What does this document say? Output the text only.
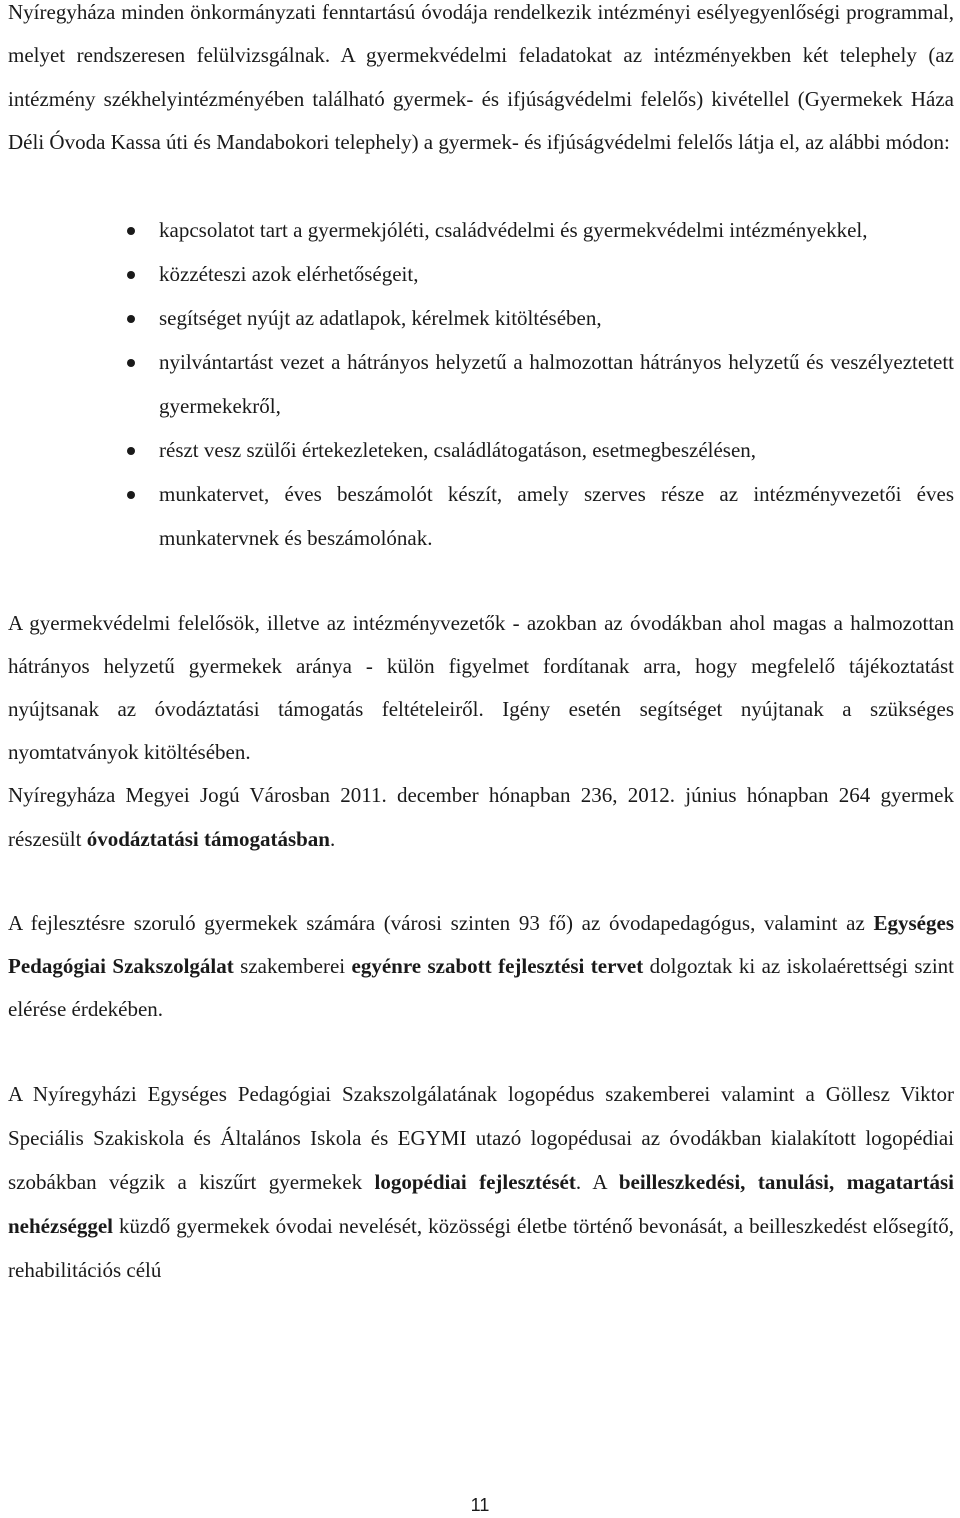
Nyíregyháza minden önkormányzati fenntartású óvodája rendelkezik intézményi esélyegyenlőségi programmal, melyet rendszeresen felülvizsgálnak. A gyermekvédelmi feladatokat az intézményekben két telephely (az intézmény székhelyintézményében található gyermek- és ifjúságvédelmi felelős) kivétellel (Gyermekek Háza Déli Óvoda Kassa úti és Mandabokori telephely) a gyermek- és ifjúságvédelmi felelős látja el, az alábbi módon:

kapcsolatot tart a gyermekjóléti, családvédelmi és gyermekvédelmi intézményekkel,
közzéteszi azok elérhetőségeit,
segítséget nyújt az adatlapok, kérelmek kitöltésében,
nyilvántartást vezet a hátrányos helyzetű a halmozottan hátrányos helyzetű és veszélyeztetett gyermekekről,
részt vesz szülői értekezleteken, családlátogatáson, esetmegbeszélésen,
munkatervet, éves beszámolót készít, amely szerves része az intézményvezetői éves munkatervnek és beszámolónak.

A gyermekvédelmi felelősök, illetve az intézményvezetők - azokban az óvodákban ahol magas a halmozottan hátrányos helyzetű gyermekek aránya - külön figyelmet fordítanak arra, hogy megfelelő tájékoztatást nyújtsanak az óvodáztatási támogatás feltételeiről. Igény esetén segítséget nyújtanak a szükséges nyomtatványok kitöltésében.

Nyíregyháza Megyei Jogú Városban 2011. december hónapban 236, 2012. június hónapban 264 gyermek részesült óvodáztatási támogatásban.

A fejlesztésre szoruló gyermekek számára (városi szinten 93 fő) az óvodapedagógus, valamint az Egységes Pedagógiai Szakszolgálat szakemberei egyénre szabott fejlesztési tervet dolgoztak ki az iskolaérettségi szint elérése érdekében.

A Nyíregyházi Egységes Pedagógiai Szakszolgálatának logopédus szakemberei valamint a Göllesz Viktor Speciális Szakiskola és Általános Iskola és EGYMI utazó logopédusai az óvodákban kialakított logopédiai szobákban végzik a kiszűrt gyermekek logopédiai fejlesztését. A beilleszkedési, tanulási, magatartási nehézséggel küzdő gyermekek óvodai nevelését, közösségi életbe történő bevonását, a beilleszkedést elősegítő, rehabilitációs célú

11
